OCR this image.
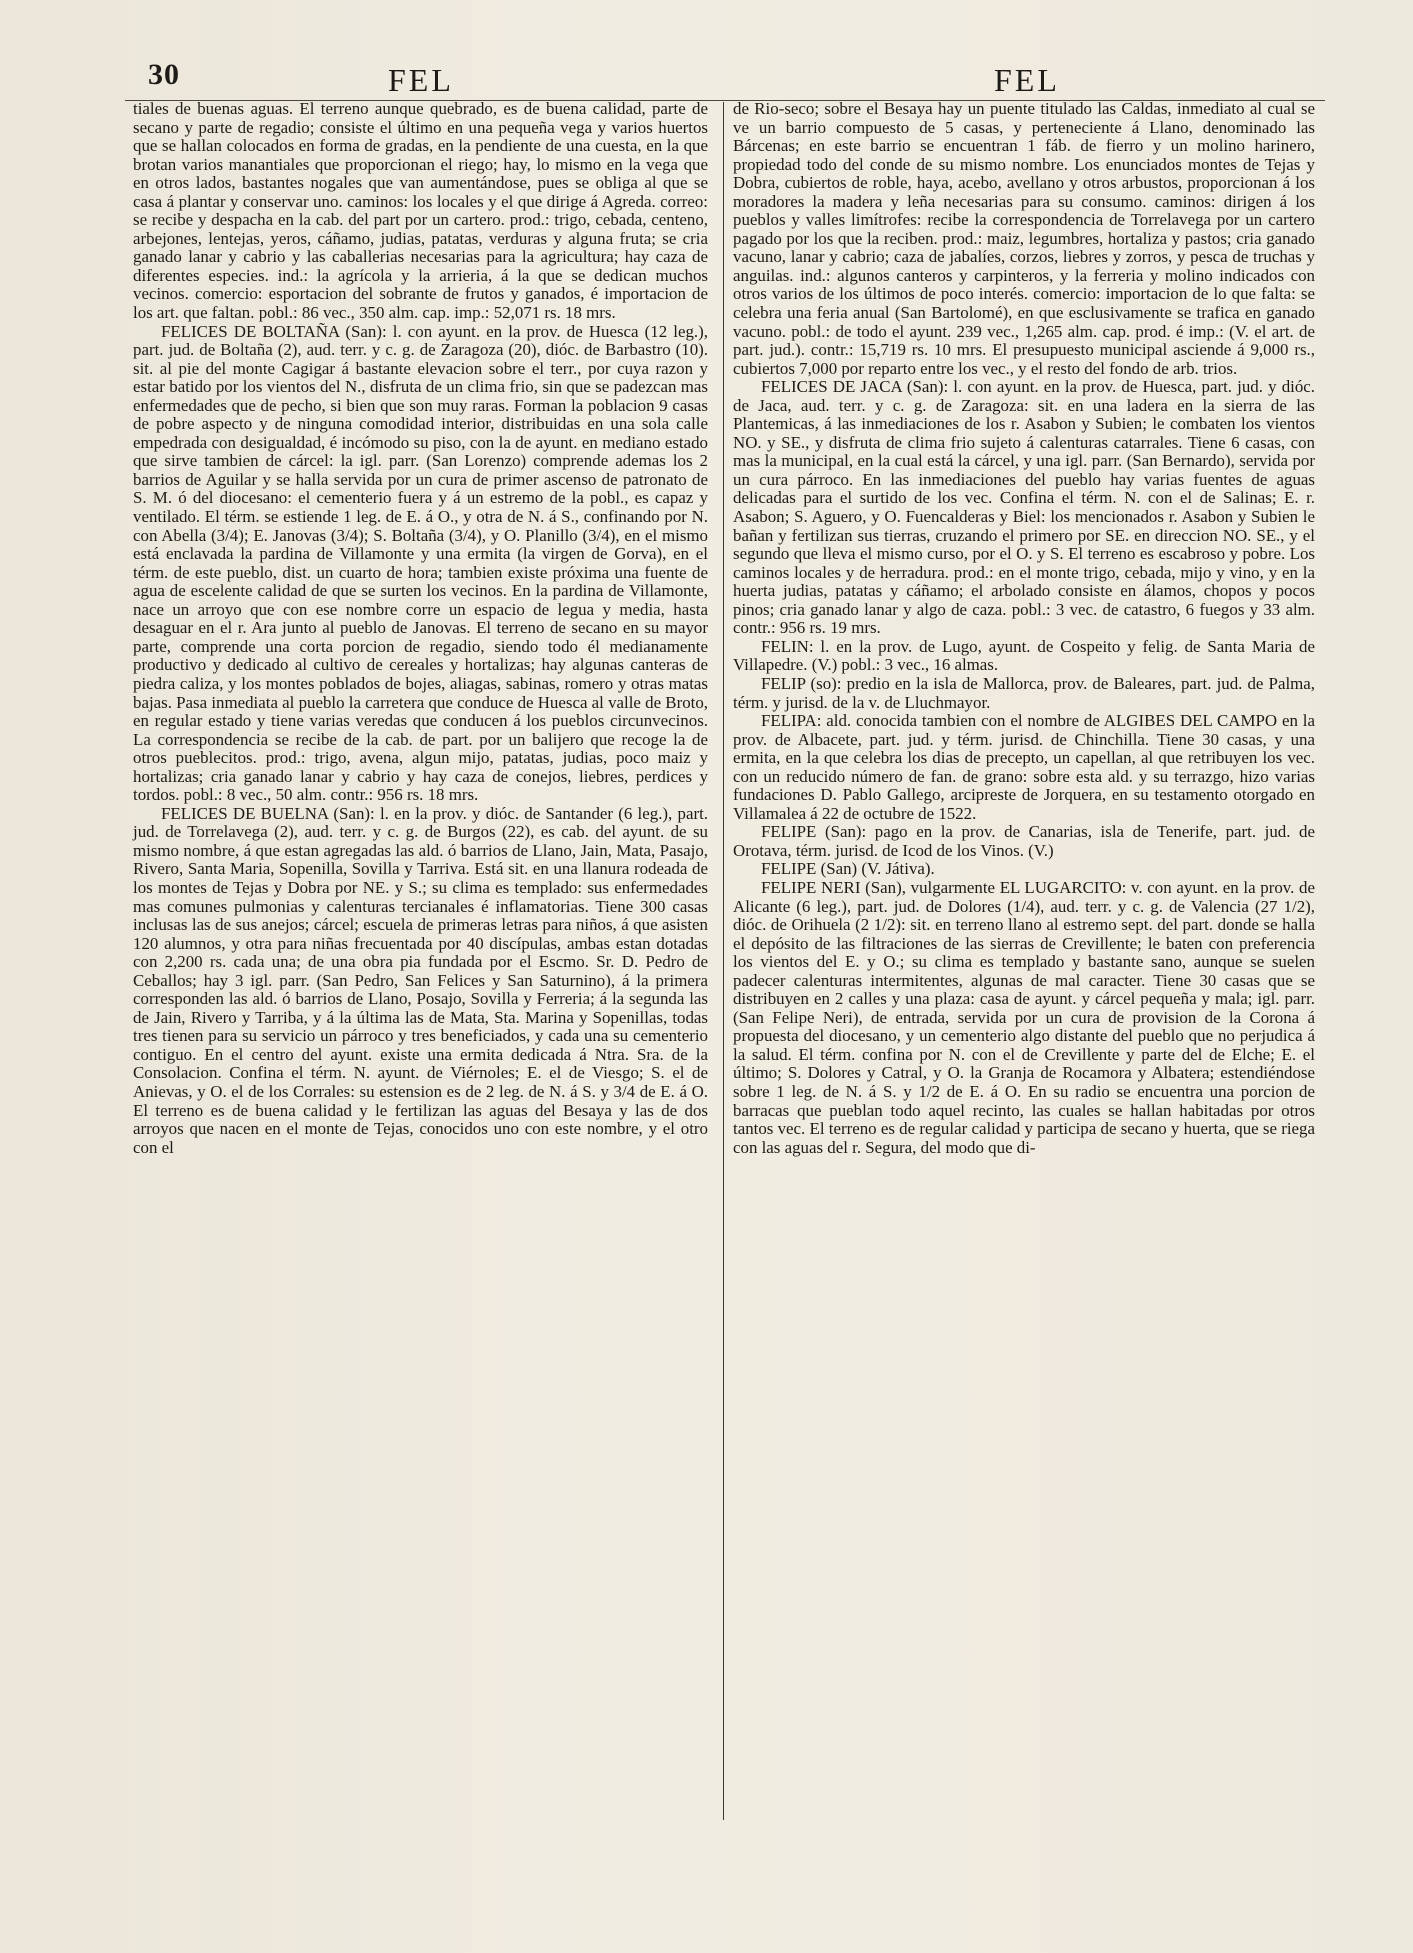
30	FEL	FEL

tiales de buenas aguas. El terreno aunque quebrado, es de buena calidad, parte de secano y parte de regadio; consiste el último en una pequeña vega y varios huertos que se hallan colocados en forma de gradas, en la pendiente de una cuesta, en la que brotan varios manantiales que proporcionan el riego; hay, lo mismo en la vega que en otros lados, bastantes nogales que van aumentándose, pues se obliga al que se casa á plantar y conservar uno. caminos: los locales y el que dirige á Agreda. correo: se recibe y despacha en la cab. del part por un cartero. prod.: trigo, cebada, centeno, arbejones, lentejas, yeros, cáñamo, judias, patatas, verduras y alguna fruta; se cria ganado lanar y cabrio y las caballerias necesarias para la agricultura; hay caza de diferentes especies. ind.: la agrícola y la arrieria, á la que se dedican muchos vecinos. comercio: esportacion del sobrante de frutos y ganados, é importacion de los art. que faltan. pobl.: 86 vec., 350 alm. cap. imp.: 52,071 rs. 18 mrs.

FELICES DE BOLTAÑA (San): l. con ayunt. en la prov. de Huesca (12 leg.), part. jud. de Boltaña (2), aud. terr. y c. g. de Zaragoza (20), dióc. de Barbastro (10). sit. al pie del monte Cagigar á bastante elevacion sobre el terr., por cuya razon y estar batido por los vientos del N., disfruta de un clima frio, sin que se padezcan mas enfermedades que de pecho, si bien que son muy raras. Forman la poblacion 9 casas de pobre aspecto y de ninguna comodidad interior, distribuidas en una sola calle empedrada con desigualdad, é incómodo su piso, con la de ayunt. en mediano estado que sirve tambien de cárcel: la igl. parr. (San Lorenzo) comprende ademas los 2 barrios de Aguilar y se halla servida por un cura de primer ascenso de patronato de S. M. ó del diocesano: el cementerio fuera y á un estremo de la pobl., es capaz y ventilado. El térm. se estiende 1 leg. de E. á O., y otra de N. á S., confinando por N. con Abella (3/4); E. Janovas (3/4); S. Boltaña (3/4), y O. Planillo (3/4), en el mismo está enclavada la pardina de Villamonte y una ermita (la virgen de Gorva), en el térm. de este pueblo, dist. un cuarto de hora; tambien existe próxima una fuente de agua de escelente calidad de que se surten los vecinos. En la pardina de Villamonte, nace un arroyo que con ese nombre corre un espacio de legua y media, hasta desaguar en el r. Ara junto al pueblo de Janovas. El terreno de secano en su mayor parte, comprende una corta porcion de regadio, siendo todo él medianamente productivo y dedicado al cultivo de cereales y hortalizas; hay algunas canteras de piedra caliza, y los montes poblados de bojes, aliagas, sabinas, romero y otras matas bajas. Pasa inmediata al pueblo la carretera que conduce de Huesca al valle de Broto, en regular estado y tiene varias veredas que conducen á los pueblos circunvecinos. La correspondencia se recibe de la cab. de part. por un balijero que recoge la de otros pueblecitos. prod.: trigo, avena, algun mijo, patatas, judias, poco maiz y hortalizas; cria ganado lanar y cabrio y hay caza de conejos, liebres, perdices y tordos. pobl.: 8 vec., 50 alm. contr.: 956 rs. 18 mrs.

FELICES DE BUELNA (San): l. en la prov. y dióc. de Santander (6 leg.), part. jud. de Torrelavega (2), aud. terr. y c. g. de Burgos (22), es cab. del ayunt. de su mismo nombre, á que estan agregadas las ald. ó barrios de Llano, Jain, Mata, Pasajo, Rivero, Santa Maria, Sopenilla, Sovilla y Tarriva. Está sit. en una llanura rodeada de los montes de Tejas y Dobra por NE. y S.; su clima es templado: sus enfermedades mas comunes pulmonias y calenturas tercianales é inflamatorias. Tiene 300 casas inclusas las de sus anejos; cárcel; escuela de primeras letras para niños, á que asisten 120 alumnos, y otra para niñas frecuentada por 40 discípulas, ambas estan dotadas con 2,200 rs. cada una; de una obra pia fundada por el Escmo. Sr. D. Pedro de Ceballos; hay 3 igl. parr. (San Pedro, San Felices y San Saturnino), á la primera corresponden las ald. ó barrios de Llano, Posajo, Sovilla y Ferreria; á la segunda las de Jain, Rivero y Tarriba, y á la última las de Mata, Sta. Marina y Sopenillas, todas tres tienen para su servicio un párroco y tres beneficiados, y cada una su cementerio contiguo. En el centro del ayunt. existe una ermita dedicada á Ntra. Sra. de la Consolacion. Confina el térm. N. ayunt. de Viérnoles; E. el de Viesgo; S. el de Anievas, y O. el de los Corrales: su estension es de 2 leg. de N. á S. y 3/4 de E. á O. El terreno es de buena calidad y le fertilizan las aguas del Besaya y las de dos arroyos que nacen en el monte de Tejas, conocidos uno con este nombre, y el otro con el

de Rio-seco; sobre el Besaya hay un puente titulado las Caldas, inmediato al cual se ve un barrio compuesto de 5 casas, y perteneciente á Llano, denominado las Bárcenas; en este barrio se encuentran 1 fáb. de fierro y un molino harinero, propiedad todo del conde de su mismo nombre. Los enunciados montes de Tejas y Dobra, cubiertos de roble, haya, acebo, avellano y otros arbustos, proporcionan á los moradores la madera y leña necesarias para su consumo. caminos: dirigen á los pueblos y valles limítrofes: recibe la correspondencia de Torrelavega por un cartero pagado por los que la reciben. prod.: maiz, legumbres, hortaliza y pastos; cria ganado vacuno, lanar y cabrio; caza de jabalíes, corzos, liebres y zorros, y pesca de truchas y anguilas. ind.: algunos canteros y carpinteros, y la ferreria y molino indicados con otros varios de los últimos de poco interés. comercio: importacion de lo que falta: se celebra una feria anual (San Bartolomé), en que esclusivamente se trafica en ganado vacuno. pobl.: de todo el ayunt. 239 vec., 1,265 alm. cap. prod. é imp.: (V. el art. de part. jud.). contr.: 15,719 rs. 10 mrs. El presupuesto municipal asciende á 9,000 rs., cubiertos 7,000 por reparto entre los vec., y el resto del fondo de arb. trios.

FELICES DE JACA (San): l. con ayunt. en la prov. de Huesca, part. jud. y dióc. de Jaca, aud. terr. y c. g. de Zaragoza: sit. en una ladera en la sierra de las Plantemicas, á las inmediaciones de los r. Asabon y Subien; le combaten los vientos NO. y SE., y disfruta de clima frio sujeto á calenturas catarrales. Tiene 6 casas, con mas la municipal, en la cual está la cárcel, y una igl. parr. (San Bernardo), servida por un cura párroco. En las inmediaciones del pueblo hay varias fuentes de aguas delicadas para el surtido de los vec. Confina el térm. N. con el de Salinas; E. r. Asabon; S. Aguero, y O. Fuencalderas y Biel: los mencionados r. Asabon y Subien le bañan y fertilizan sus tierras, cruzando el primero por SE. en direccion NO. SE., y el segundo que lleva el mismo curso, por el O. y S. El terreno es escabroso y pobre. Los caminos locales y de herradura. prod.: en el monte trigo, cebada, mijo y vino, y en la huerta judias, patatas y cáñamo; el arbolado consiste en álamos, chopos y pocos pinos; cria ganado lanar y algo de caza. pobl.: 3 vec. de catastro, 6 fuegos y 33 alm. contr.: 956 rs. 19 mrs.

FELIN: l. en la prov. de Lugo, ayunt. de Cospeito y felig. de Santa Maria de Villapedre. (V.) pobl.: 3 vec., 16 almas.

FELIP (so): predio en la isla de Mallorca, prov. de Baleares, part. jud. de Palma, térm. y jurisd. de la v. de Lluchmayor.

FELIPA: ald. conocida tambien con el nombre de ALGIBES DEL CAMPO en la prov. de Albacete, part. jud. y térm. jurisd. de Chinchilla. Tiene 30 casas, y una ermita, en la que celebra los dias de precepto, un capellan, al que retribuyen los vec. con un reducido número de fan. de grano: sobre esta ald. y su terrazgo, hizo varias fundaciones D. Pablo Gallego, arcipreste de Jorquera, en su testamento otorgado en Villamalea á 22 de octubre de 1522.

FELIPE (San): pago en la prov. de Canarias, isla de Tenerife, part. jud. de Orotava, térm. jurisd. de Icod de los Vinos. (V.)

FELIPE (San) (V. Játiva).

FELIPE NERI (San), vulgarmente EL LUGARCITO: v. con ayunt. en la prov. de Alicante (6 leg.), part. jud. de Dolores (1/4), aud. terr. y c. g. de Valencia (27 1/2), dióc. de Orihuela (2 1/2): sit. en terreno llano al estremo sept. del part. donde se halla el depósito de las filtraciones de las sierras de Crevillente; le baten con preferencia los vientos del E. y O.; su clima es templado y bastante sano, aunque se suelen padecer calenturas intermitentes, algunas de mal caracter. Tiene 30 casas que se distribuyen en 2 calles y una plaza: casa de ayunt. y cárcel pequeña y mala; igl. parr. (San Felipe Neri), de entrada, servida por un cura de provision de la Corona á propuesta del diocesano, y un cementerio algo distante del pueblo que no perjudica á la salud. El térm. confina por N. con el de Crevillente y parte del de Elche; E. el último; S. Dolores y Catral, y O. la Granja de Rocamora y Albatera; estendiéndose sobre 1 leg. de N. á S. y 1/2 de E. á O. En su radio se encuentra una porcion de barracas que pueblan todo aquel recinto, las cuales se hallan habitadas por otros tantos vec. El terreno es de regular calidad y participa de secano y huerta, que se riega con las aguas del r. Segura, del modo que di-
